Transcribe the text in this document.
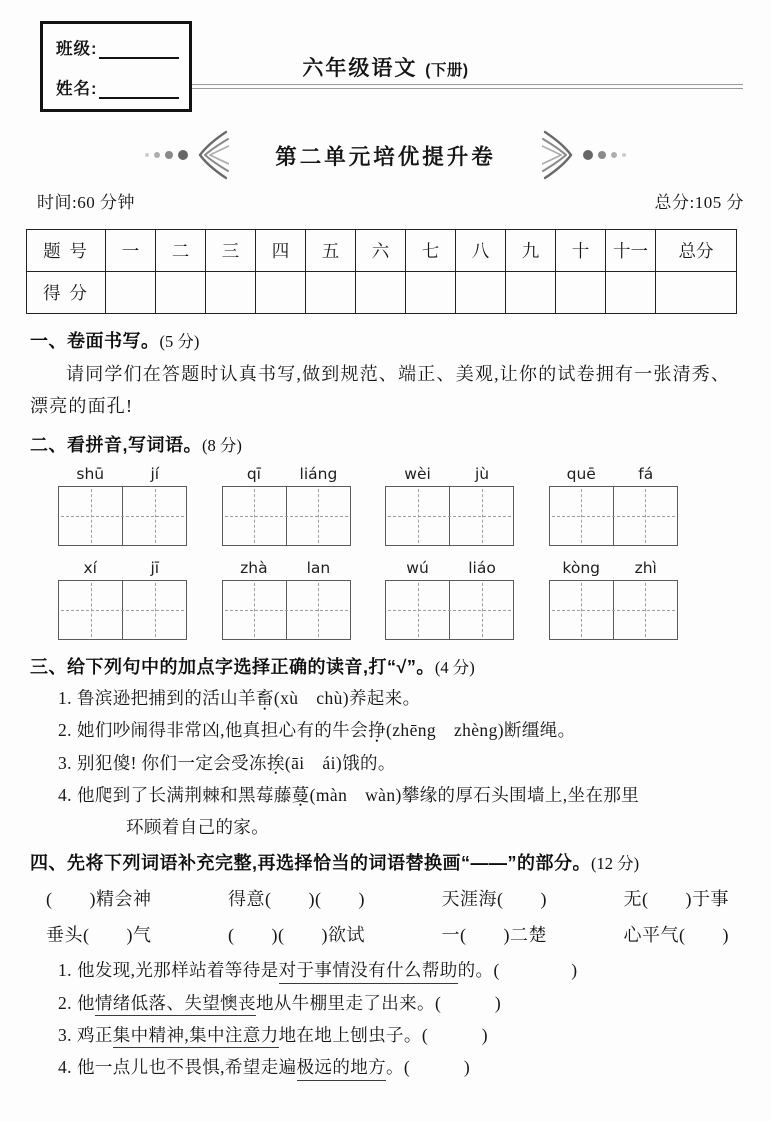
班级:
姓名:
六年级语文 (下册)
第二单元培优提升卷
时间:60 分钟	总分:105 分
题 号	一	二	三	四	五	六	七	八	九	十	十一	总分
得 分												
一、卷面书写。(5 分)

请同学们在答题时认真书写,做到规范、端正、美观,让你的试卷拥有一张清秀、
漂亮的面孔!

二、看拼音,写词语。(8 分)
shū	jí	qī	liáng	wèi	jù	quē	fá
xí	jī	zhà	lan	wú	liáo	kòng	zhì
三、给下列句中的加点字选择正确的读音,打“√”。(4 分)

1. 鲁滨逊把捕到的活山羊畜(xù　chù)养起来。

2. 她们吵闹得非常凶,他真担心有的牛会挣(zhēng　zhèng)断缰绳。

3. 别犯傻! 你们一定会受冻挨(āi　ái)饿的。

4. 他爬到了长满荆棘和黑莓藤蔓(màn　wàn)攀缘的厚石头围墙上,坐在那里

环顾着自己的家。

四、先将下列词语补充完整,再选择恰当的词语替换画“——”的部分。(12 分)
(　　)精会神	得意(　　)(　　)	天涯海(　　)	无(　　)于事
垂头(　　)气	(　　)(　　)欲试	一(　　)二楚	心平气(　　)

1. 他发现,光那样站着等待是对于事情没有什么帮助的。(　　　　)

2. 他情绪低落、失望懊丧地从牛棚里走了出来。(　　　)

3. 鸡正集中精神,集中注意力地在地上刨虫子。(　　　)

4. 他一点儿也不畏惧,希望走遍极远的地方。(　　　)
